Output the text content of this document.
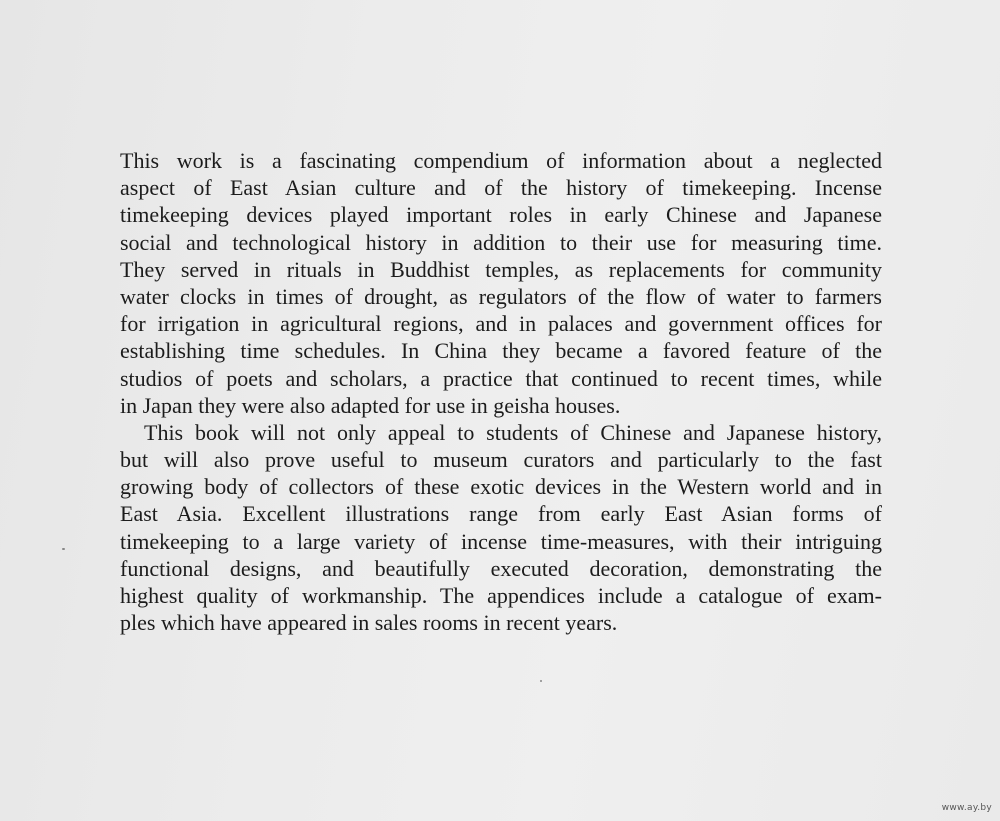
This work is a fascinating compendium of information about a neglected
aspect of East Asian culture and of the history of timekeeping. Incense
timekeeping devices played important roles in early Chinese and Japanese
social and technological history in addition to their use for measuring time.
They served in rituals in Buddhist temples, as replacements for community
water clocks in times of drought, as regulators of the flow of water to farmers
for irrigation in agricultural regions, and in palaces and government offices for
establishing time schedules. In China they became a favored feature of the
studios of poets and scholars, a practice that continued to recent times, while
in Japan they were also adapted for use in geisha houses.
This book will not only appeal to students of Chinese and Japanese history,
but will also prove useful to museum curators and particularly to the fast
growing body of collectors of these exotic devices in the Western world and in
East Asia. Excellent illustrations range from early East Asian forms of
timekeeping to a large variety of incense time-measures, with their intriguing
functional designs, and beautifully executed decoration, demonstrating the
highest quality of workmanship. The appendices include a catalogue of exam-
ples which have appeared in sales rooms in recent years.
www.ay.by
